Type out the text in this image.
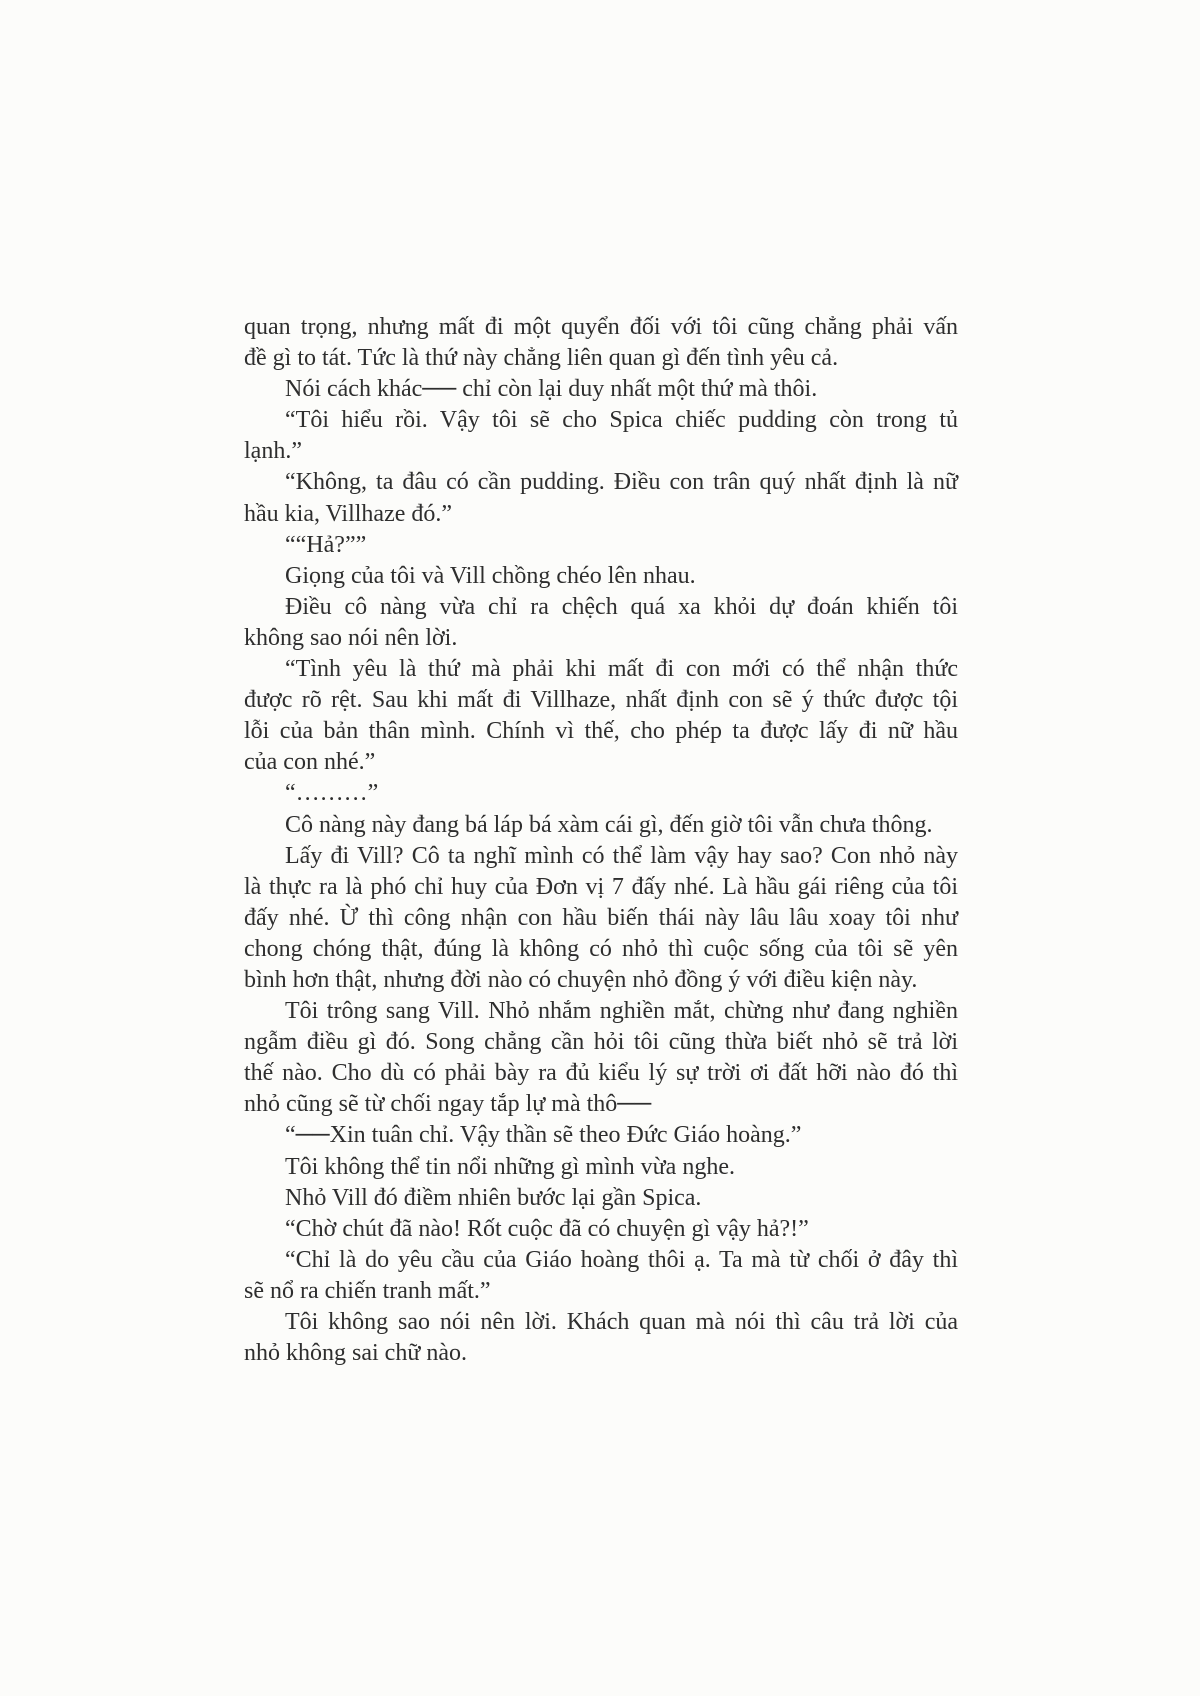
quan trọng, nhưng mất đi một quyển đối với tôi cũng chẳng phải vấn
đề gì to tát. Tức là thứ này chẳng liên quan gì đến tình yêu cả.
Nói cách khác── chỉ còn lại duy nhất một thứ mà thôi.
“Tôi hiểu rồi. Vậy tôi sẽ cho Spica chiếc pudding còn trong tủ
lạnh.”
“Không, ta đâu có cần pudding. Điều con trân quý nhất định là nữ
hầu kia, Villhaze đó.”
““Hả?””
Giọng của tôi và Vill chồng chéo lên nhau.
Điều cô nàng vừa chỉ ra chệch quá xa khỏi dự đoán khiến tôi
không sao nói nên lời.
“Tình yêu là thứ mà phải khi mất đi con mới có thể nhận thức
được rõ rệt. Sau khi mất đi Villhaze, nhất định con sẽ ý thức được tội
lỗi của bản thân mình. Chính vì thế, cho phép ta được lấy đi nữ hầu
của con nhé.”
“………”
Cô nàng này đang bá láp bá xàm cái gì, đến giờ tôi vẫn chưa thông.
Lấy đi Vill? Cô ta nghĩ mình có thể làm vậy hay sao? Con nhỏ này
là thực ra là phó chỉ huy của Đơn vị 7 đấy nhé. Là hầu gái riêng của tôi
đấy nhé. Ừ thì công nhận con hầu biến thái này lâu lâu xoay tôi như
chong chóng thật, đúng là không có nhỏ thì cuộc sống của tôi sẽ yên
bình hơn thật, nhưng đời nào có chuyện nhỏ đồng ý với điều kiện này.
Tôi trông sang Vill. Nhỏ nhắm nghiền mắt, chừng như đang nghiền
ngẫm điều gì đó. Song chẳng cần hỏi tôi cũng thừa biết nhỏ sẽ trả lời
thế nào. Cho dù có phải bày ra đủ kiểu lý sự trời ơi đất hỡi nào đó thì
nhỏ cũng sẽ từ chối ngay tắp lự mà thô──
“──Xin tuân chỉ. Vậy thần sẽ theo Đức Giáo hoàng.”
Tôi không thể tin nổi những gì mình vừa nghe.
Nhỏ Vill đó điềm nhiên bước lại gần Spica.
“Chờ chút đã nào! Rốt cuộc đã có chuyện gì vậy hả?!”
“Chỉ là do yêu cầu của Giáo hoàng thôi ạ. Ta mà từ chối ở đây thì
sẽ nổ ra chiến tranh mất.”
Tôi không sao nói nên lời. Khách quan mà nói thì câu trả lời của
nhỏ không sai chữ nào.
